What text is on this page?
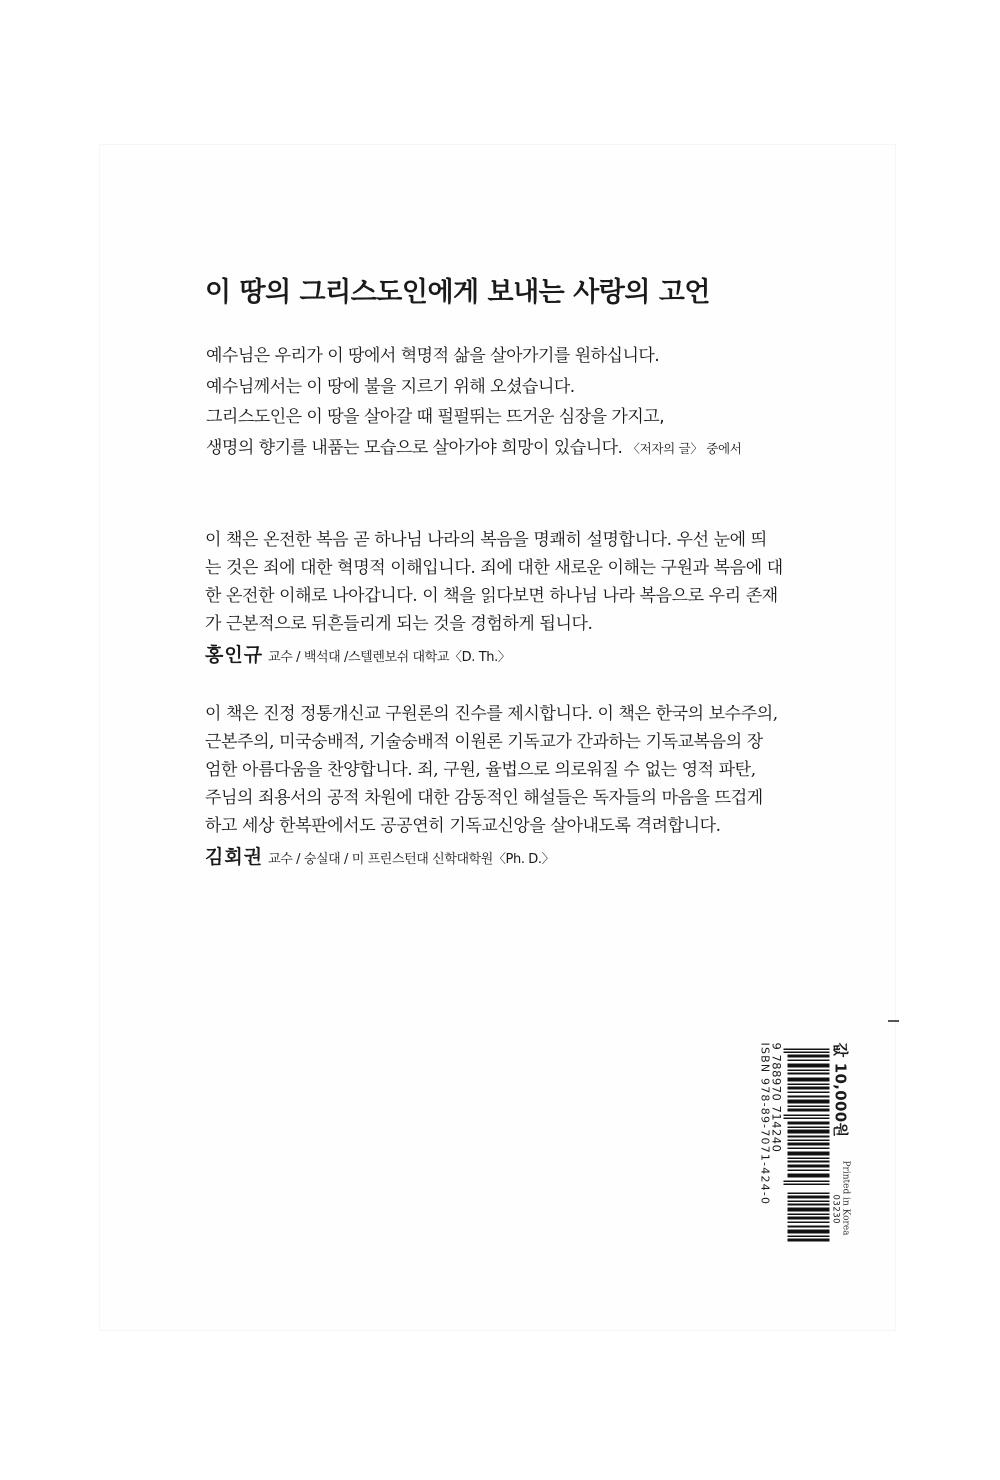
이 땅의 그리스도인에게 보내는 사랑의 고언
예수님은 우리가 이 땅에서 혁명적 삶을 살아가기를 원하십니다.
예수님께서는 이 땅에 불을 지르기 위해 오셨습니다.
그리스도인은 이 땅을 살아갈 때 펄펄뛰는 뜨거운 심장을 가지고,
생명의 향기를 내품는 모습으로 살아가야 희망이 있습니다. 〈저자의 글〉 중에서
이 책은 온전한 복음 곧 하나님 나라의 복음을 명쾌히 설명합니다. 우선 눈에 띄
는 것은 죄에 대한 혁명적 이해입니다. 죄에 대한 새로운 이해는 구원과 복음에 대
한 온전한 이해로 나아갑니다. 이 책을 읽다보면 하나님 나라 복음으로 우리 존재
가 근본적으로 뒤흔들리게 되는 것을 경험하게 됩니다.
홍인규 교수 / 백석대 /스텔렌보쉬 대학교〈D. Th.〉
이 책은 진정 정통개신교 구원론의 진수를 제시합니다. 이 책은 한국의 보수주의,
근본주의, 미국숭배적, 기술숭배적 이원론 기독교가 간과하는 기독교복음의 장
엄한 아름다움을 찬양합니다. 죄, 구원, 율법으로 의로워질 수 없는 영적 파탄,
주님의 죄용서의 공적 차원에 대한 감동적인 해설들은 독자들의 마음을 뜨겁게
하고 세상 한복판에서도 공공연히 기독교신앙을 살아내도록 격려합니다.
김회권 교수 / 숭실대 / 미 프린스턴대 신학대학원〈Ph. D.〉
값 10,000원
Printed in Korea
03230
9 788970 714240
ISBN 978-89-7071-424-0
